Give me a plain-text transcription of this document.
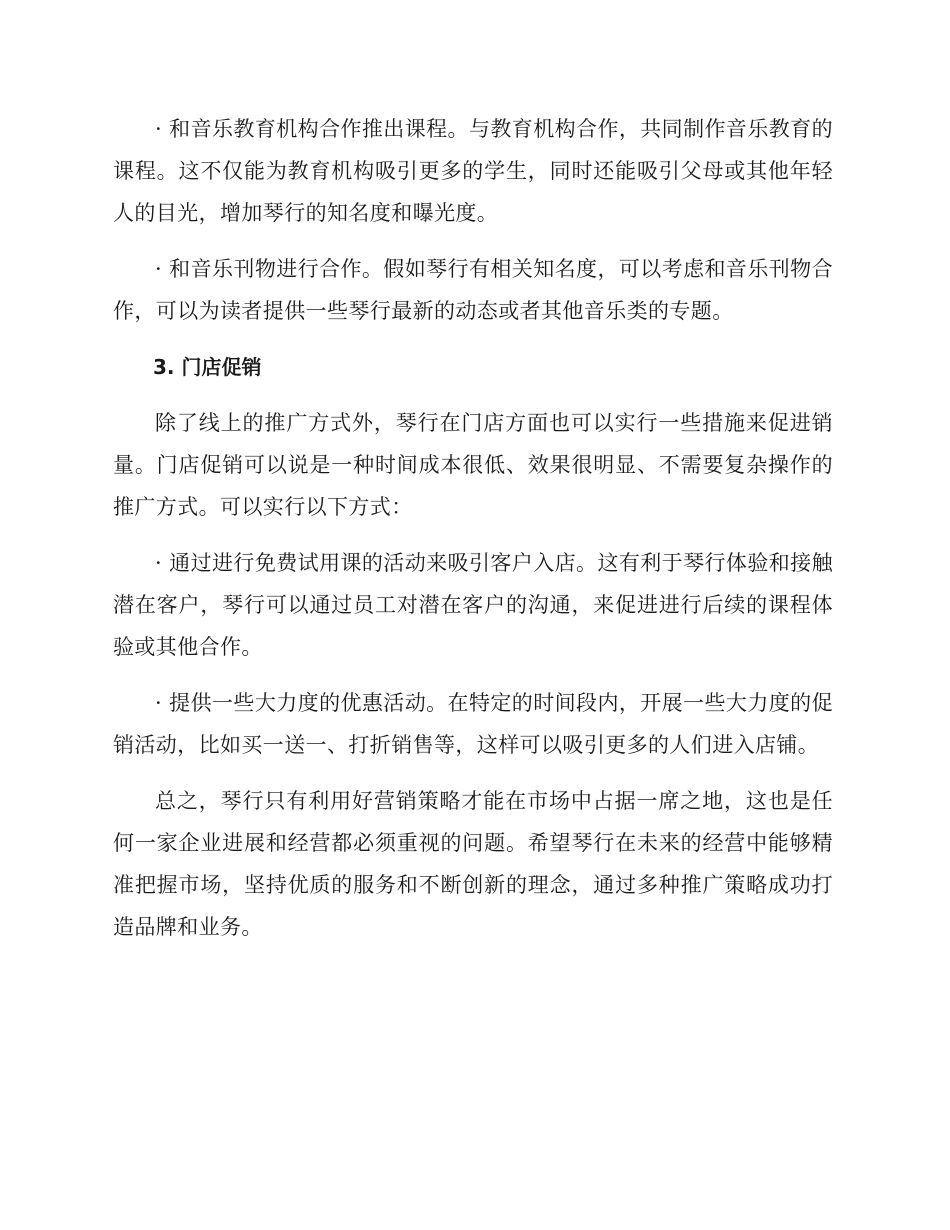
· 和音乐教育机构合作推出课程。与教育机构合作，共同制作音乐教育的课程。这不仅能为教育机构吸引更多的学生，同时还能吸引父母或其他年轻人的目光，增加琴行的知名度和曝光度。

· 和音乐刊物进行合作。假如琴行有相关知名度，可以考虑和音乐刊物合作，可以为读者提供一些琴行最新的动态或者其他音乐类的专题。

3. 门店促销

除了线上的推广方式外，琴行在门店方面也可以实行一些措施来促进销量。门店促销可以说是一种时间成本很低、效果很明显、不需要复杂操作的推广方式。可以实行以下方式：

· 通过进行免费试用课的活动来吸引客户入店。这有利于琴行体验和接触潜在客户，琴行可以通过员工对潜在客户的沟通，来促进进行后续的课程体验或其他合作。

· 提供一些大力度的优惠活动。在特定的时间段内，开展一些大力度的促销活动，比如买一送一、打折销售等，这样可以吸引更多的人们进入店铺。

总之，琴行只有利用好营销策略才能在市场中占据一席之地，这也是任何一家企业进展和经营都必须重视的问题。希望琴行在未来的经营中能够精准把握市场，坚持优质的服务和不断创新的理念，通过多种推广策略成功打造品牌和业务。
